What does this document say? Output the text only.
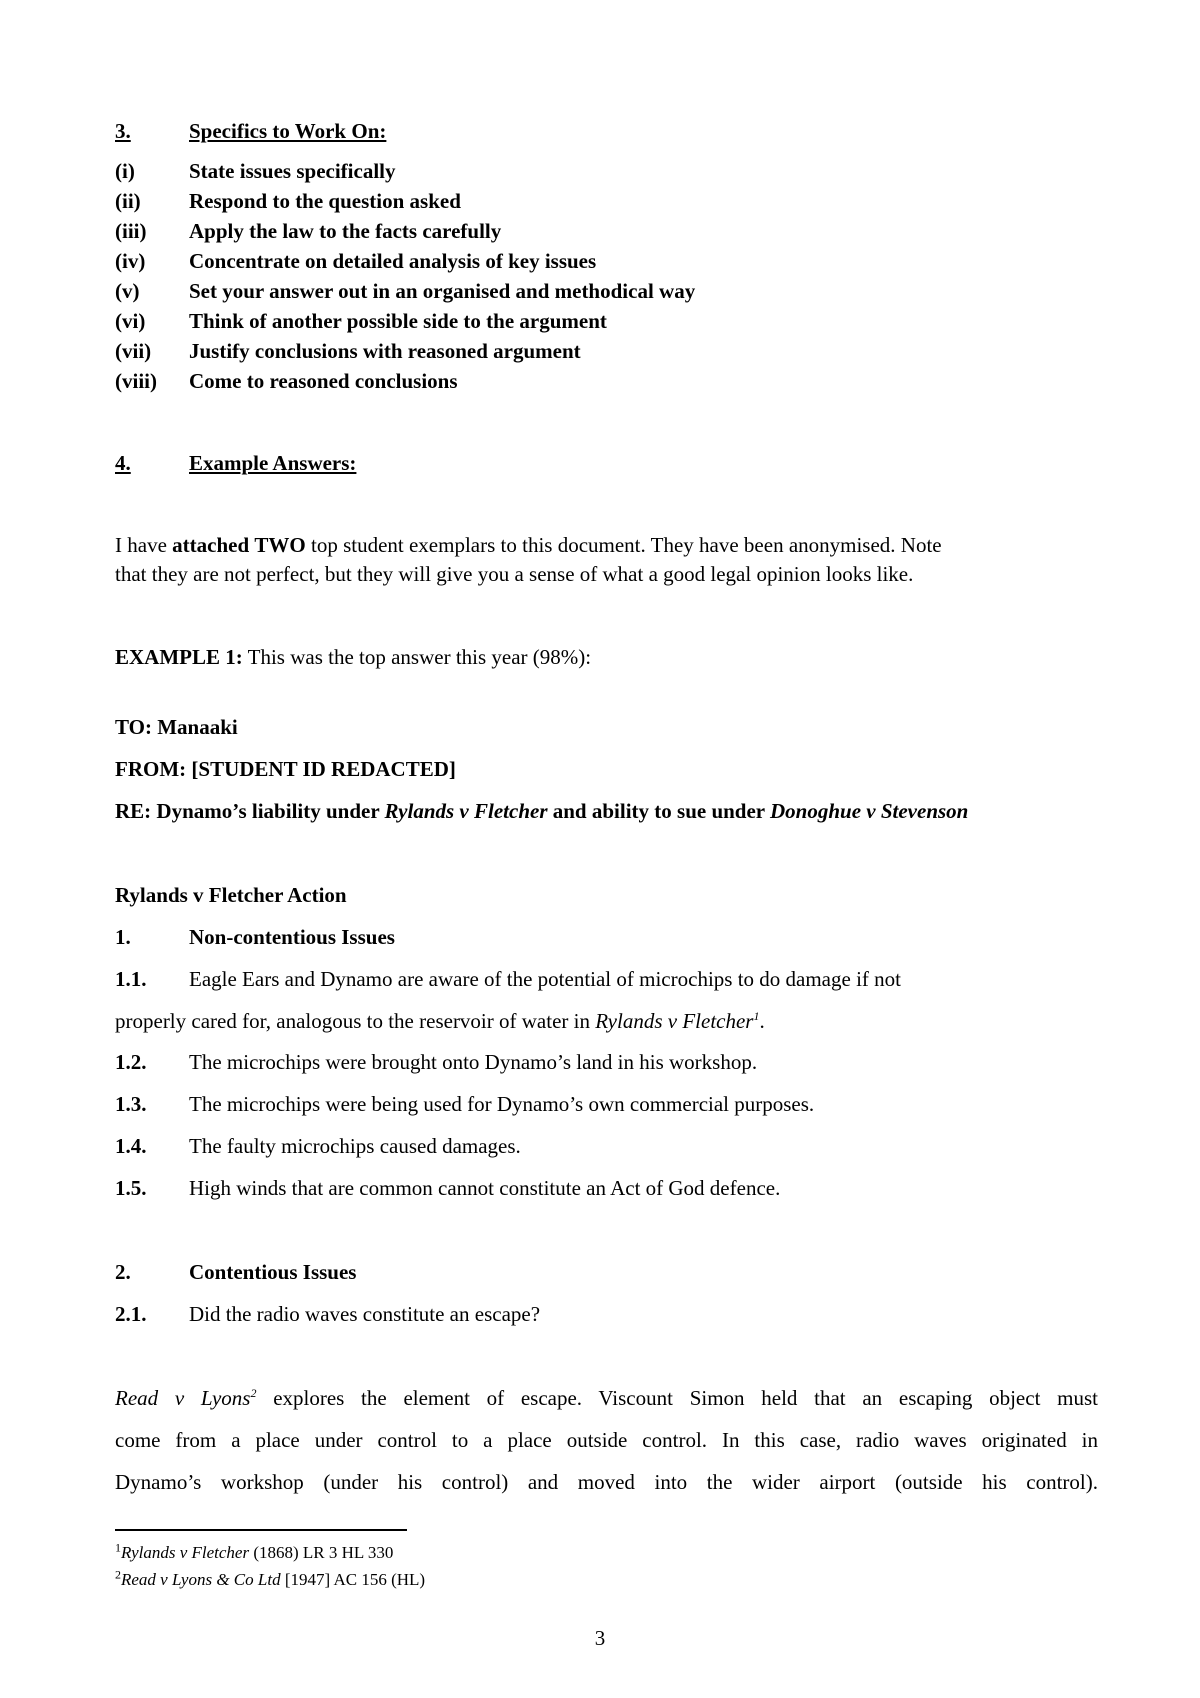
3.	Specifics to Work On:
(i)	State issues specifically
(ii) Respond to the question asked
(iii) Apply the law to the facts carefully
(iv) Concentrate on detailed analysis of key issues
(v) Set your answer out in an organised and methodical way
(vi) Think of another possible side to the argument
(vii) Justify conclusions with reasoned argument
(viii) Come to reasoned conclusions
4.	Example Answers:
I have attached TWO top student exemplars to this document. They have been anonymised. Note
that they are not perfect, but they will give you a sense of what a good legal opinion looks like.
EXAMPLE 1: This was the top answer this year (98%):
TO: Manaaki
FROM: [STUDENT ID REDACTED]
RE: Dynamo’s liability under Rylands v Fletcher and ability to sue under Donoghue v Stevenson
Rylands v Fletcher Action
1.	Non-contentious Issues
1.1. Eagle Ears and Dynamo are aware of the potential of microchips to do damage if not
properly cared for, analogous to the reservoir of water in Rylands v Fletcher$^1$.
1.2. The microchips were brought onto Dynamo’s land in his workshop.
1.3. The microchips were being used for Dynamo’s own commercial purposes.
1.4. The faulty microchips caused damages.
1.5. High winds that are common cannot constitute an Act of God defence.
2.	Contentious Issues
2.1. Did the radio waves constitute an escape?
Read v Lyons$^2$ explores the element of escape. Viscount Simon held that an escaping object must
come from a place under control to a place outside control. In this case, radio waves originated in
Dynamo’s workshop (under his control) and moved into the wider airport (outside his control).
$^1$Rylands v Fletcher (1868) LR 3 HL 330
$^2$Read v Lyons & Co Ltd [1947] AC 156 (HL)
3
